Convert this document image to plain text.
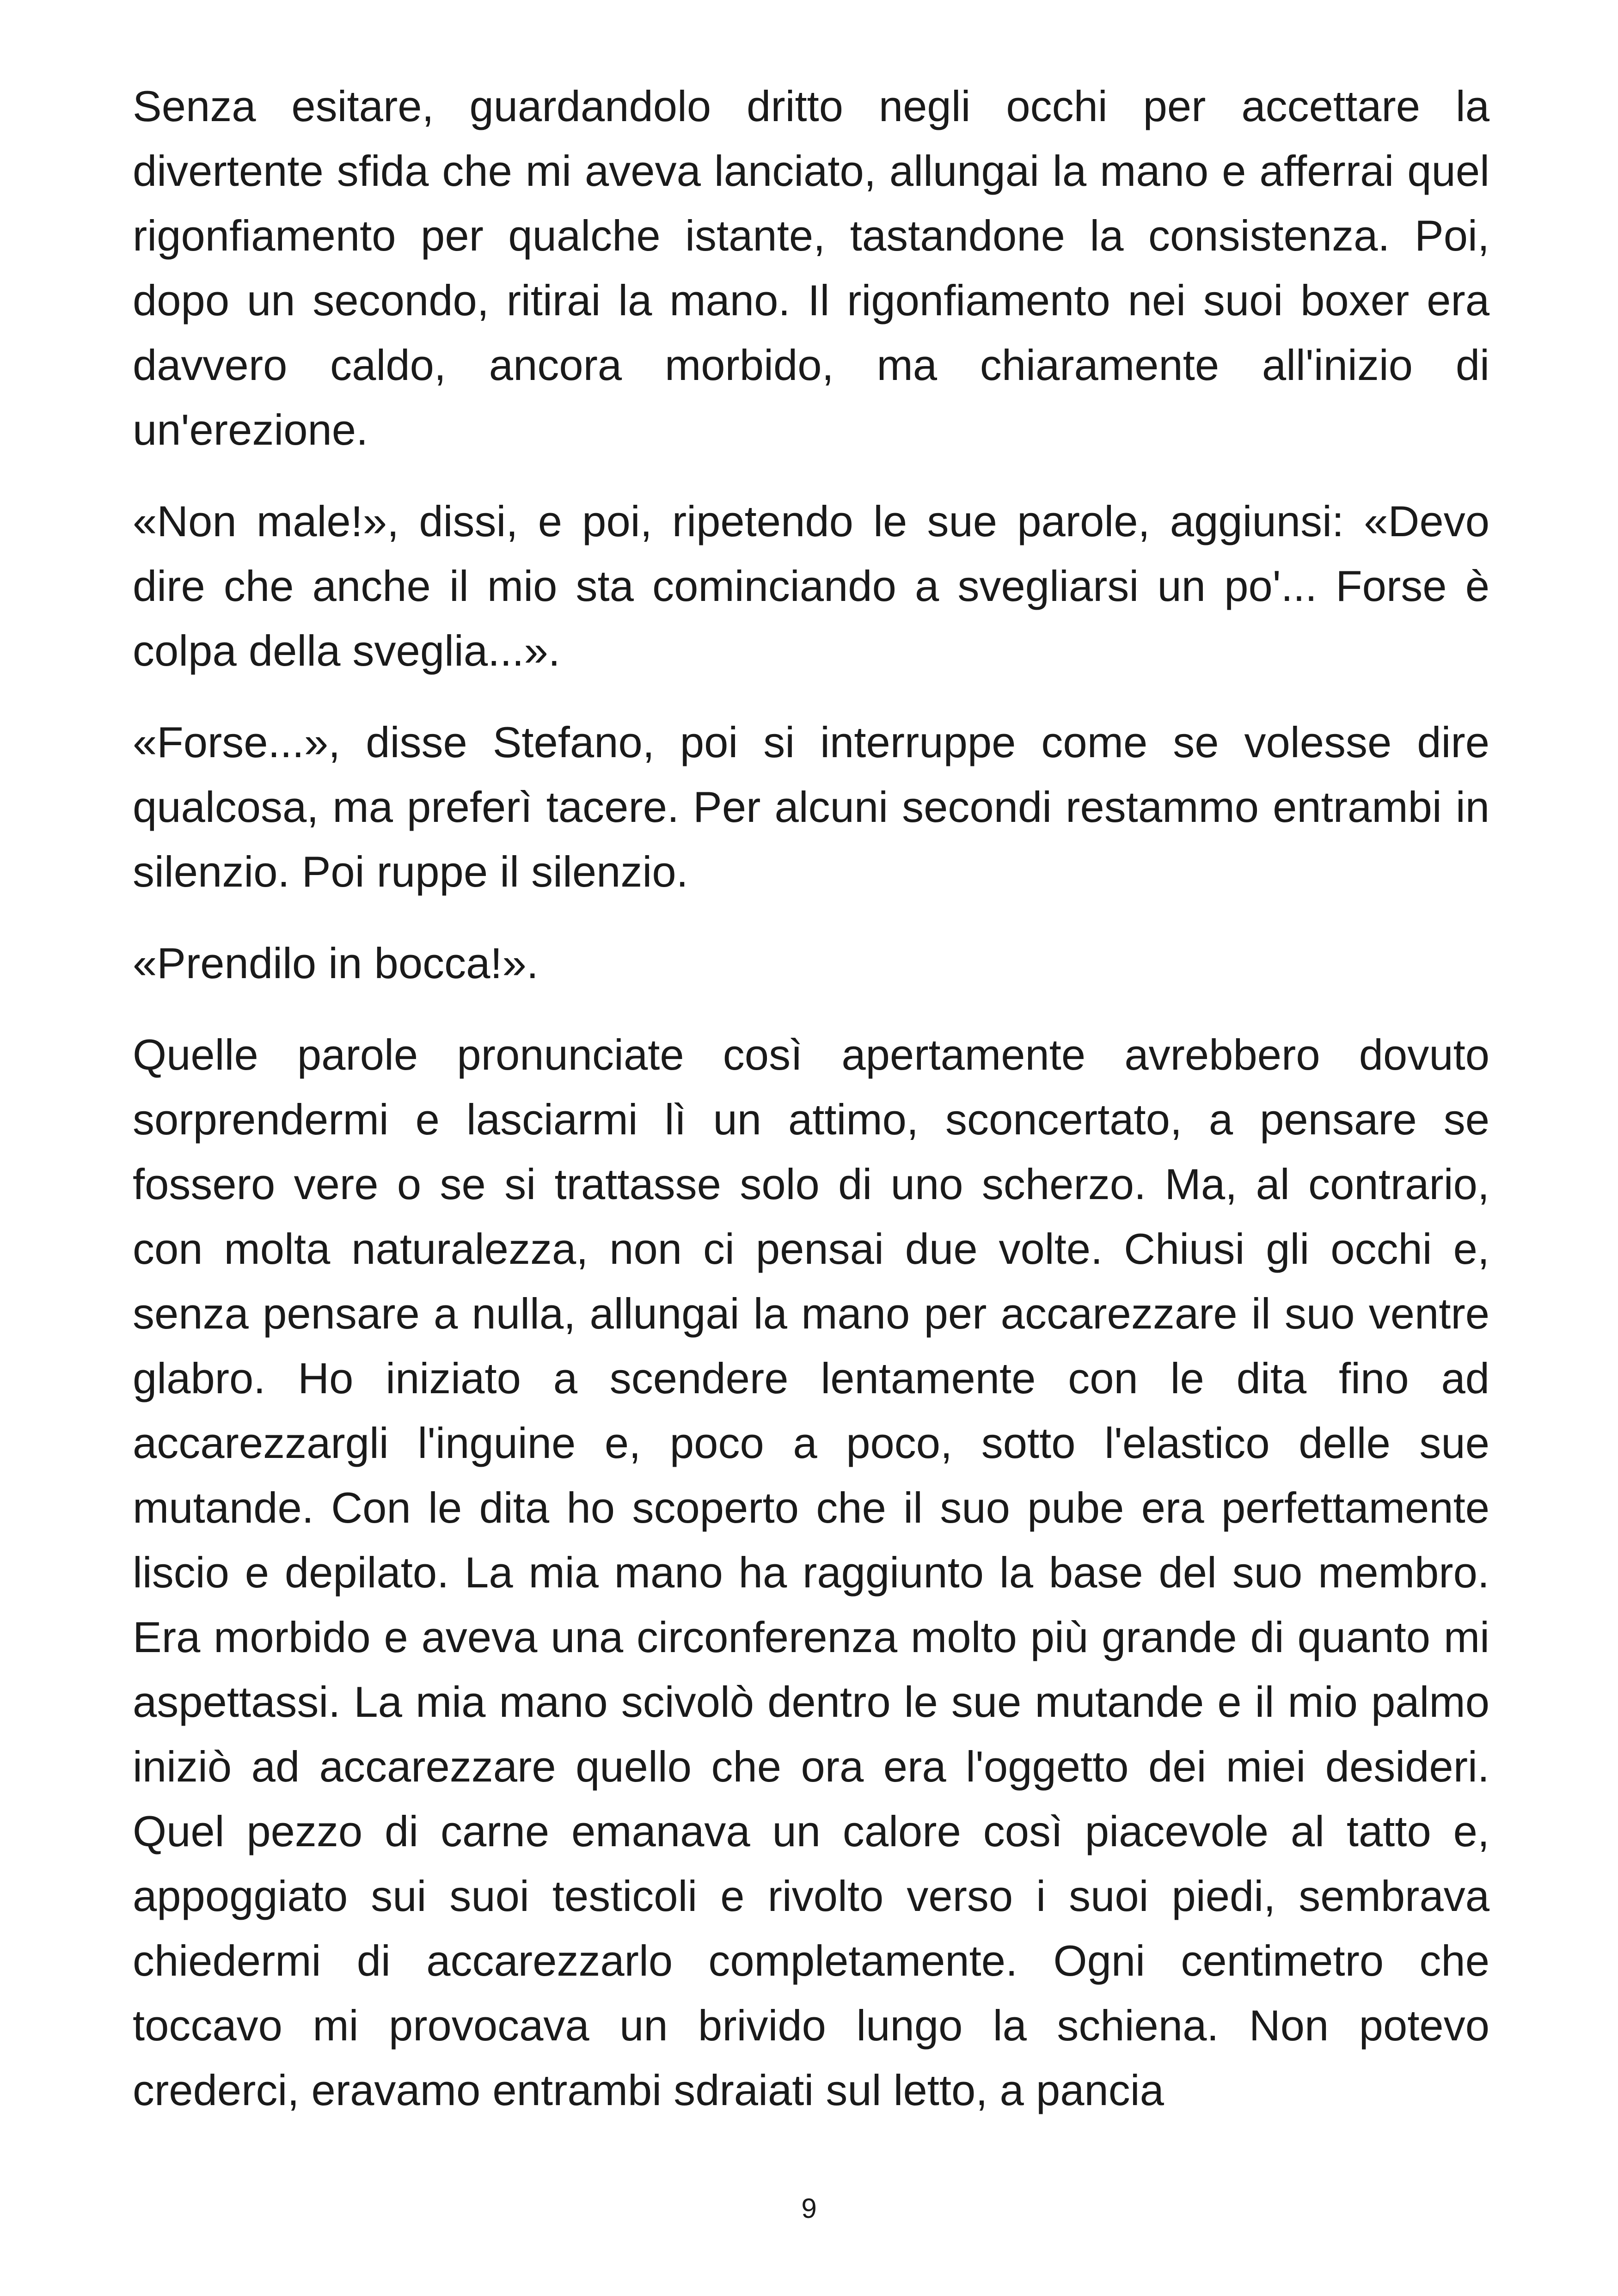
Senza esitare, guardandolo dritto negli occhi per accettare la divertente sfida che mi aveva lanciato, allungai la mano e afferrai quel rigonfiamento per qualche istante, tastandone la consistenza. Poi, dopo un secondo, ritirai la mano. Il rigonfiamento nei suoi boxer era davvero caldo, ancora morbido, ma chiaramente all'inizio di un'erezione.

«Non male!», dissi, e poi, ripetendo le sue parole, aggiunsi: «Devo dire che anche il mio sta cominciando a svegliarsi un po'... Forse è colpa della sveglia...».

«Forse...», disse Stefano, poi si interruppe come se volesse dire qualcosa, ma preferì tacere. Per alcuni secondi restammo entrambi in silenzio. Poi ruppe il silenzio.

«Prendilo in bocca!».

Quelle parole pronunciate così apertamente avrebbero dovuto sorprendermi e lasciarmi lì un attimo, sconcertato, a pensare se fossero vere o se si trattasse solo di uno scherzo. Ma, al contrario, con molta naturalezza, non ci pensai due volte. Chiusi gli occhi e, senza pensare a nulla, allungai la mano per accarezzare il suo ventre glabro. Ho iniziato a scendere lentamente con le dita fino ad accarezzargli l'inguine e, poco a poco, sotto l'elastico delle sue mutande. Con le dita ho scoperto che il suo pube era perfettamente liscio e depilato. La mia mano ha raggiunto la base del suo membro. Era morbido e aveva una circonferenza molto più grande di quanto mi aspettassi. La mia mano scivolò dentro le sue mutande e il mio palmo iniziò ad accarezzare quello che ora era l'oggetto dei miei desideri. Quel pezzo di carne emanava un calore così piacevole al tatto e, appoggiato sui suoi testicoli e rivolto verso i suoi piedi, sembrava chiedermi di accarezzarlo completamente. Ogni centimetro che toccavo mi provocava un brivido lungo la schiena. Non potevo crederci, eravamo entrambi sdraiati sul letto, a pancia

9
